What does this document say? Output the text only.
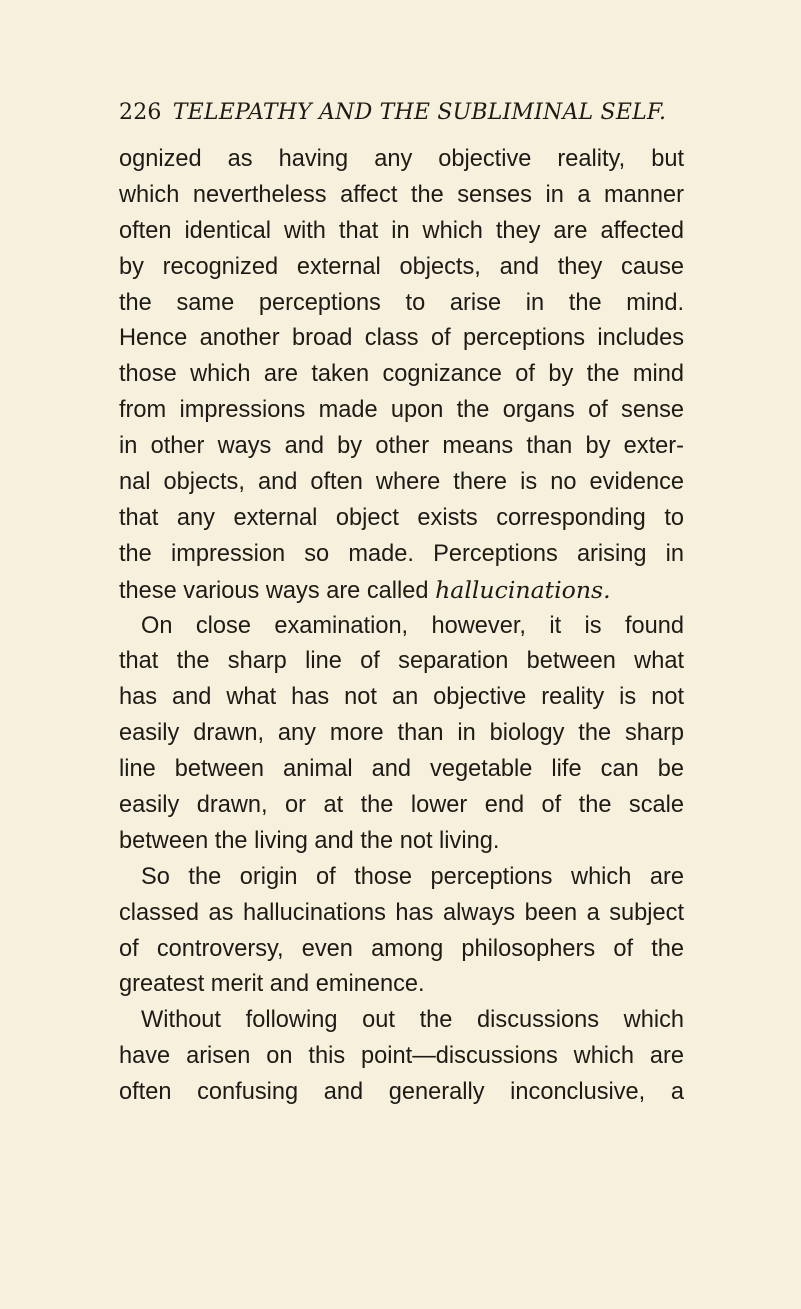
226 TELEPATHY AND THE SUBLIMINAL SELF.
ognized as having any objective reality, but
which nevertheless affect the senses in a manner
often identical with that in which they are affected
by recognized external objects, and they cause
the same perceptions to arise in the mind.
Hence another broad class of perceptions includes
those which are taken cognizance of by the mind
from impressions made upon the organs of sense
in other ways and by other means than by exter-
nal objects, and often where there is no evidence
that any external object exists corresponding to
the impression so made. Perceptions arising in
these various ways are called hallucinations.
On close examination, however, it is found
that the sharp line of separation between what
has and what has not an objective reality is not
easily drawn, any more than in biology the sharp
line between animal and vegetable life can be
easily drawn, or at the lower end of the scale
between the living and the not living.
So the origin of those perceptions which are
classed as hallucinations has always been a subject
of controversy, even among philosophers of the
greatest merit and eminence.
Without following out the discussions which
have arisen on this point—discussions which are
often confusing and generally inconclusive, a
